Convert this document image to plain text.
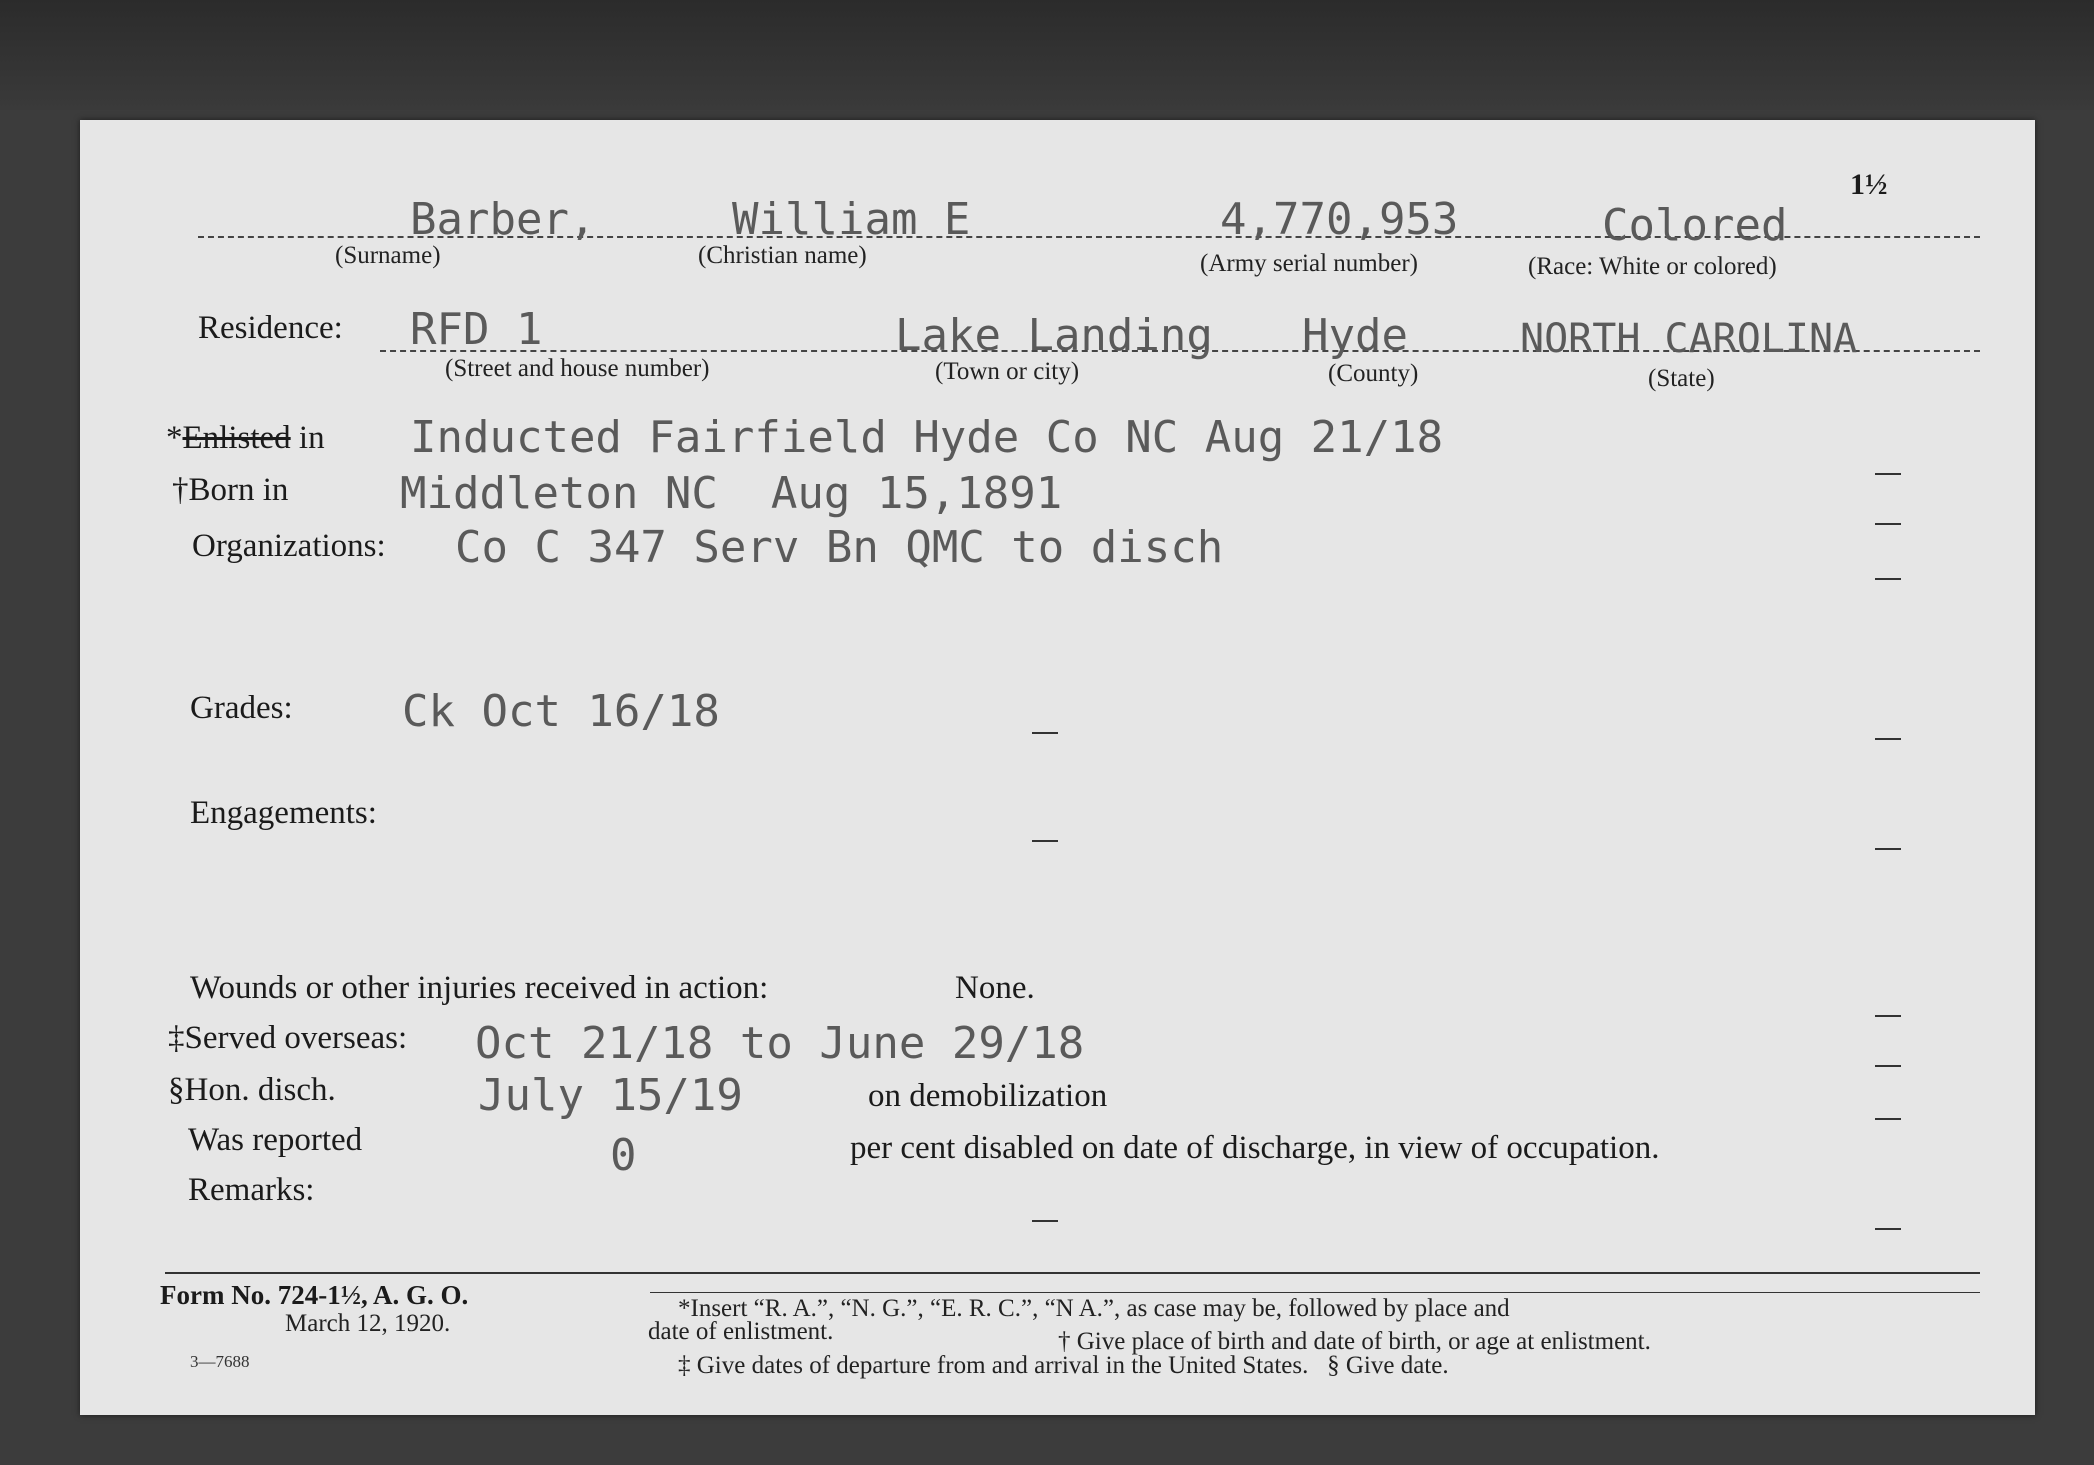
1½
Barber,
(Surname)
William E
(Christian name)
4,770,953
(Army serial number)
Colored
(Race: White or colored)
Residence: RFD 1
(Street and house number)
Lake Landing
(Town or city)
Hyde
(County)
NORTH CAROLINA
(State)
*Enlisted in Inducted Fairfield Hyde Co NC Aug 21/18
†Born in	Middleton NC  Aug 15,1891
Organizations: Co C 347 Serv Bn QMC to disch
Grades: Ck Oct 16/18
Engagements:
Wounds or other injuries received in action:	None.
‡Served overseas: Oct 21/18 to June 29/18
§Hon. disch.	July 15/19	on demobilization
Was reported	0	per cent disabled on date of discharge, in view of occupation.
Remarks:
Form No. 724-1½, A. G. O.
March 12, 1920.
3—7688
*Insert “R. A.”, “N. G.”, “E. R. C.”, “N A.”, as case may be, followed by place and
date of enlistment.	† Give place of birth and date of birth, or age at enlistment.
‡ Give dates of departure from and arrival in the United States.   § Give date.
